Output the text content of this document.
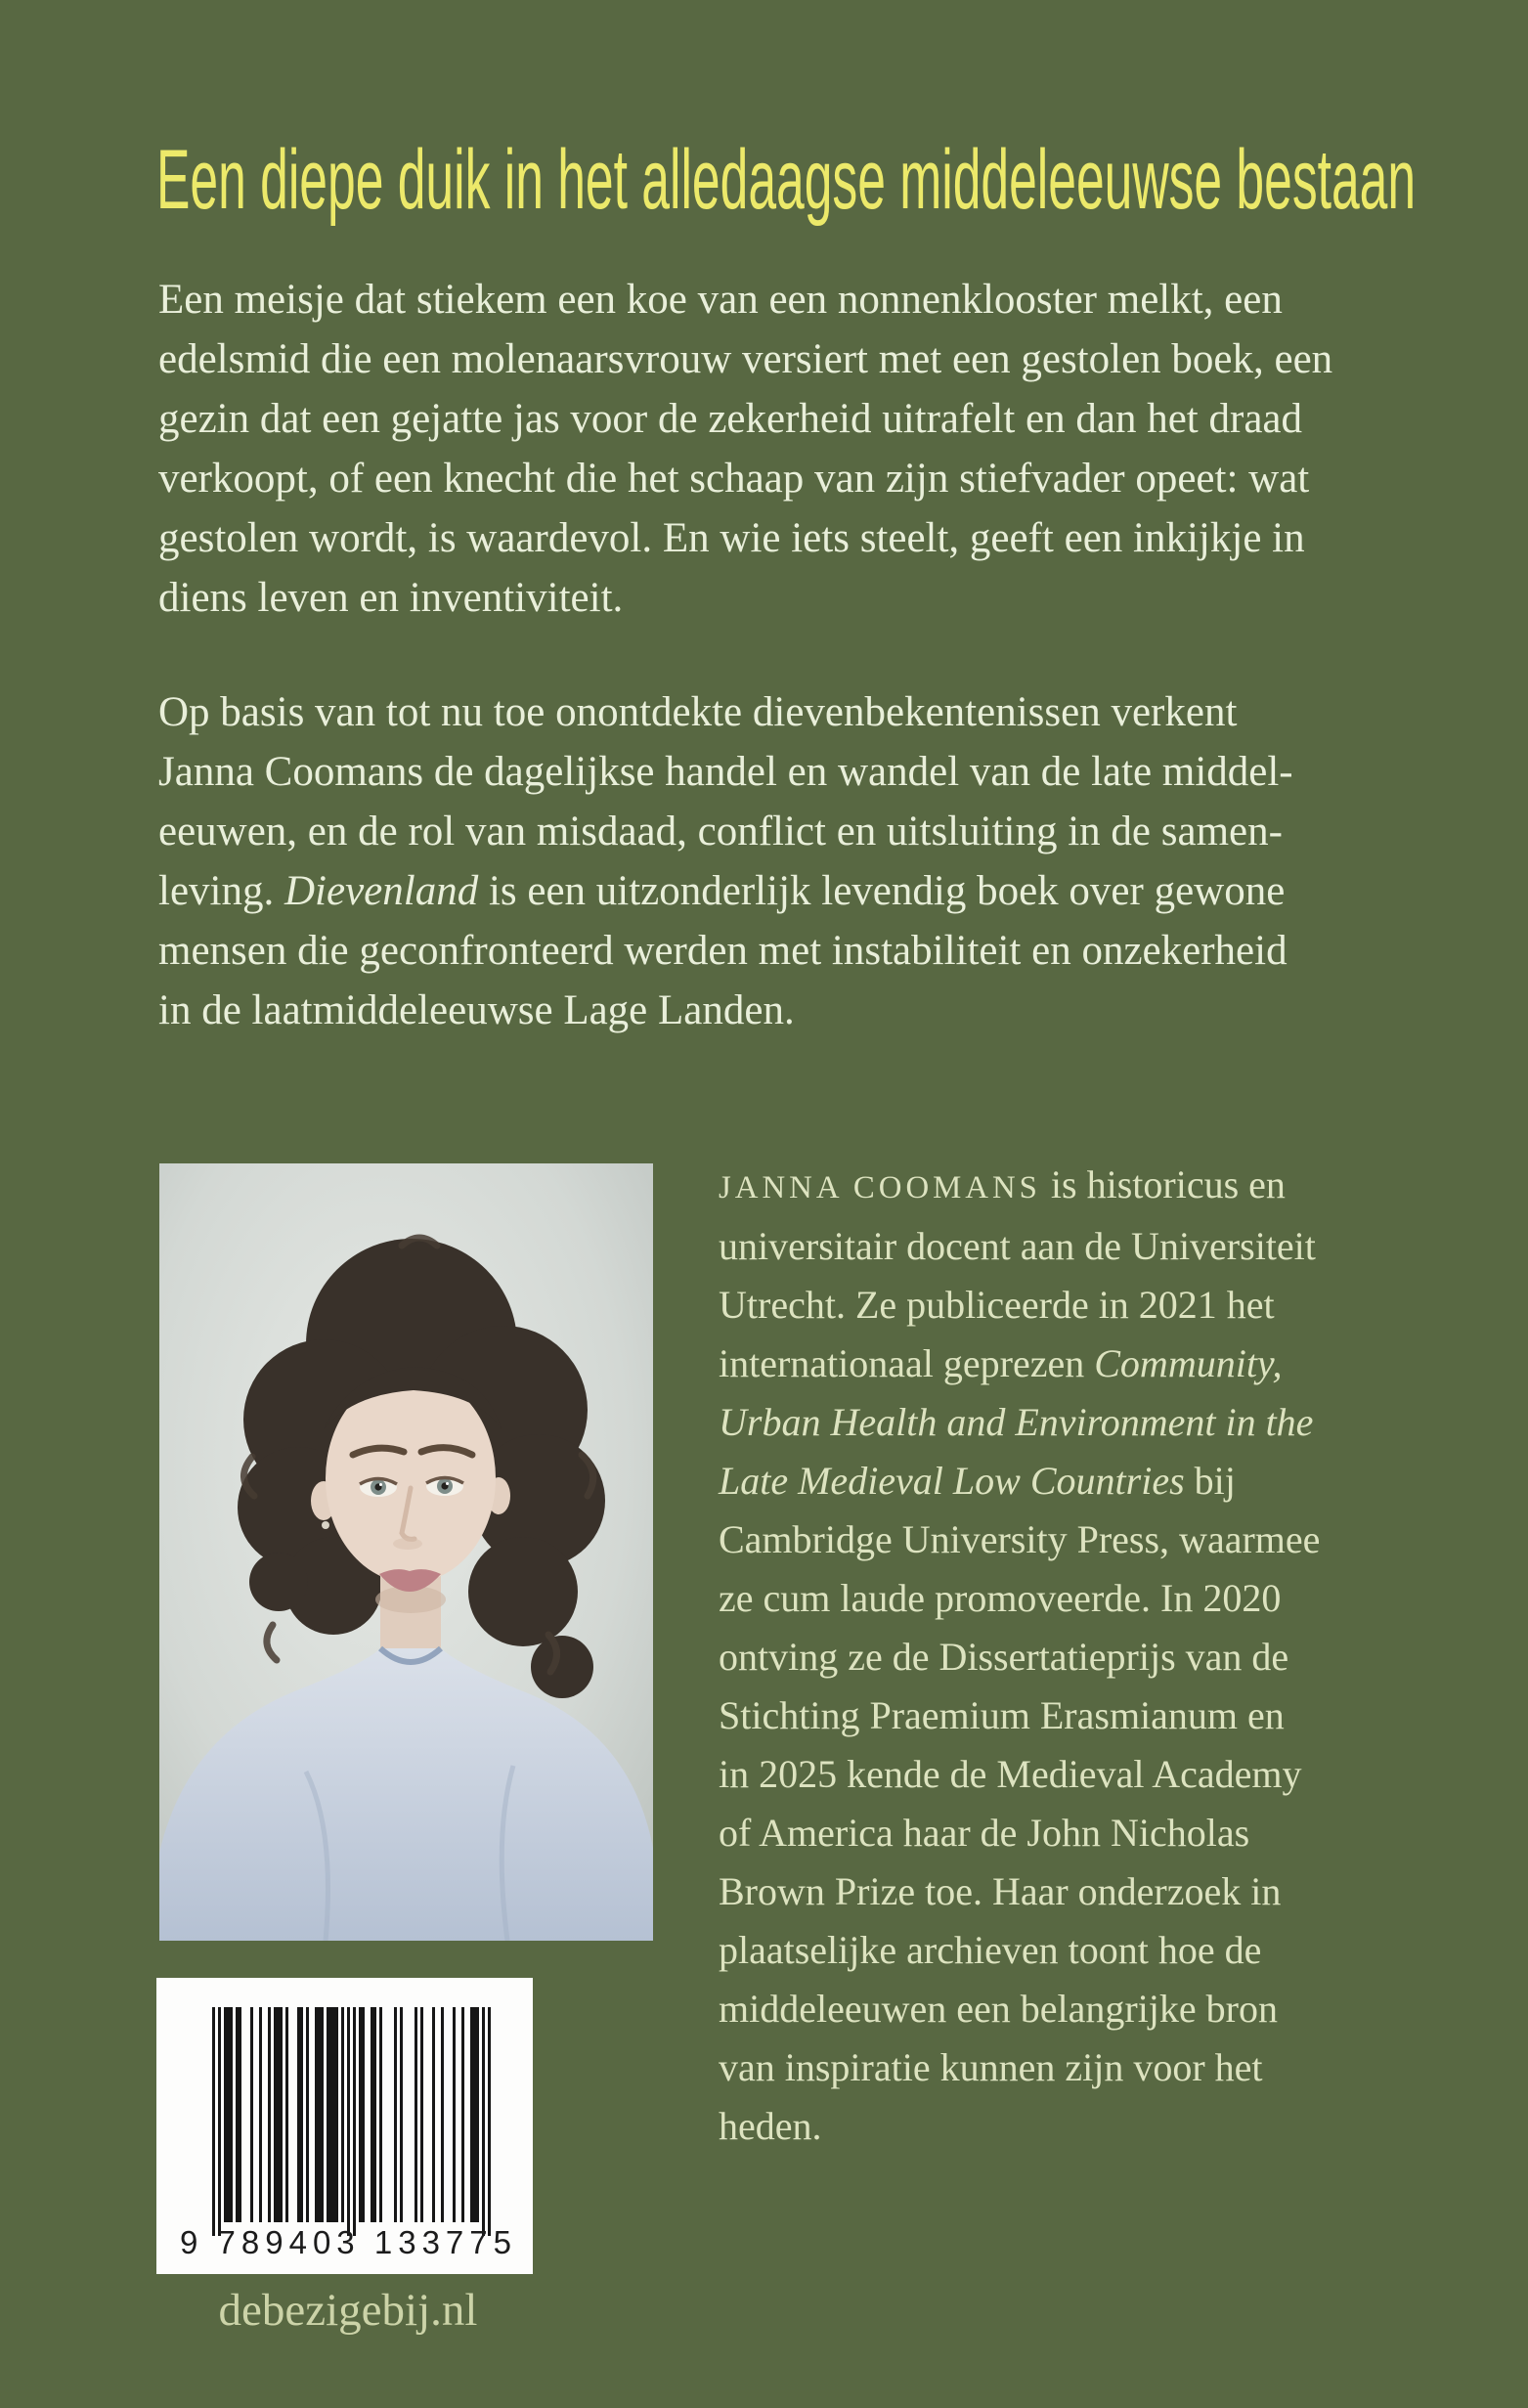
Een diepe duik in het alledaagse middeleeuwse bestaan
Een meisje dat stiekem een koe van een nonnenklooster melkt, een
edelsmid die een molenaarsvrouw versiert met een gestolen boek, een
gezin dat een gejatte jas voor de zekerheid uitrafelt en dan het draad
verkoopt, of een knecht die het schaap van zijn stiefvader opeet: wat
gestolen wordt, is waardevol. En wie iets steelt, geeft een inkijkje in
diens leven en inventiviteit.
Op basis van tot nu toe onontdekte dievenbekentenissen verkent
Janna Coomans de dagelijkse handel en wandel van de late middel-
eeuwen, en de rol van misdaad, conflict en uitsluiting in de samen-
leving. Dievenland is een uitzonderlijk levendig boek over gewone
mensen die geconfronteerd werden met instabiliteit en onzekerheid
in de laatmiddeleeuwse Lage Landen.
JANNA COOMANS is historicus en
universitair docent aan de Universiteit
Utrecht. Ze publiceerde in 2021 het
internationaal geprezen Community,
Urban Health and Environment in the
Late Medieval Low Countries bij
Cambridge University Press, waarmee
ze cum laude promoveerde. In 2020
ontving ze de Dissertatieprijs van de
Stichting Praemium Erasmianum en
in 2025 kende de Medieval Academy
of America haar de John Nicholas
Brown Prize toe. Haar onderzoek in
plaatselijke archieven toont hoe de
middeleeuwen een belangrijke bron
van inspiratie kunnen zijn voor het
heden.
9 789403 133775
debezigebij.nl
